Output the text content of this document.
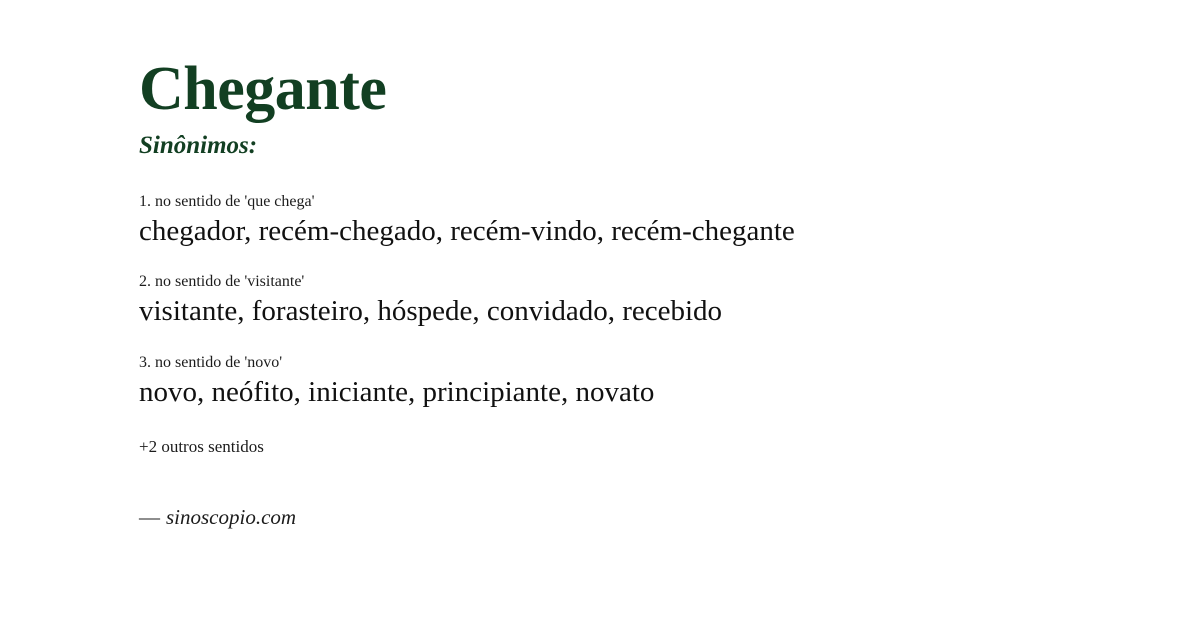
Chegante
Sinônimos:
1. no sentido de 'que chega'
chegador, recém-chegado, recém-vindo, recém-chegante
2. no sentido de 'visitante'
visitante, forasteiro, hóspede, convidado, recebido
3. no sentido de 'novo'
novo, neófito, iniciante, principiante, novato
+2 outros sentidos
— sinoscopio.com
